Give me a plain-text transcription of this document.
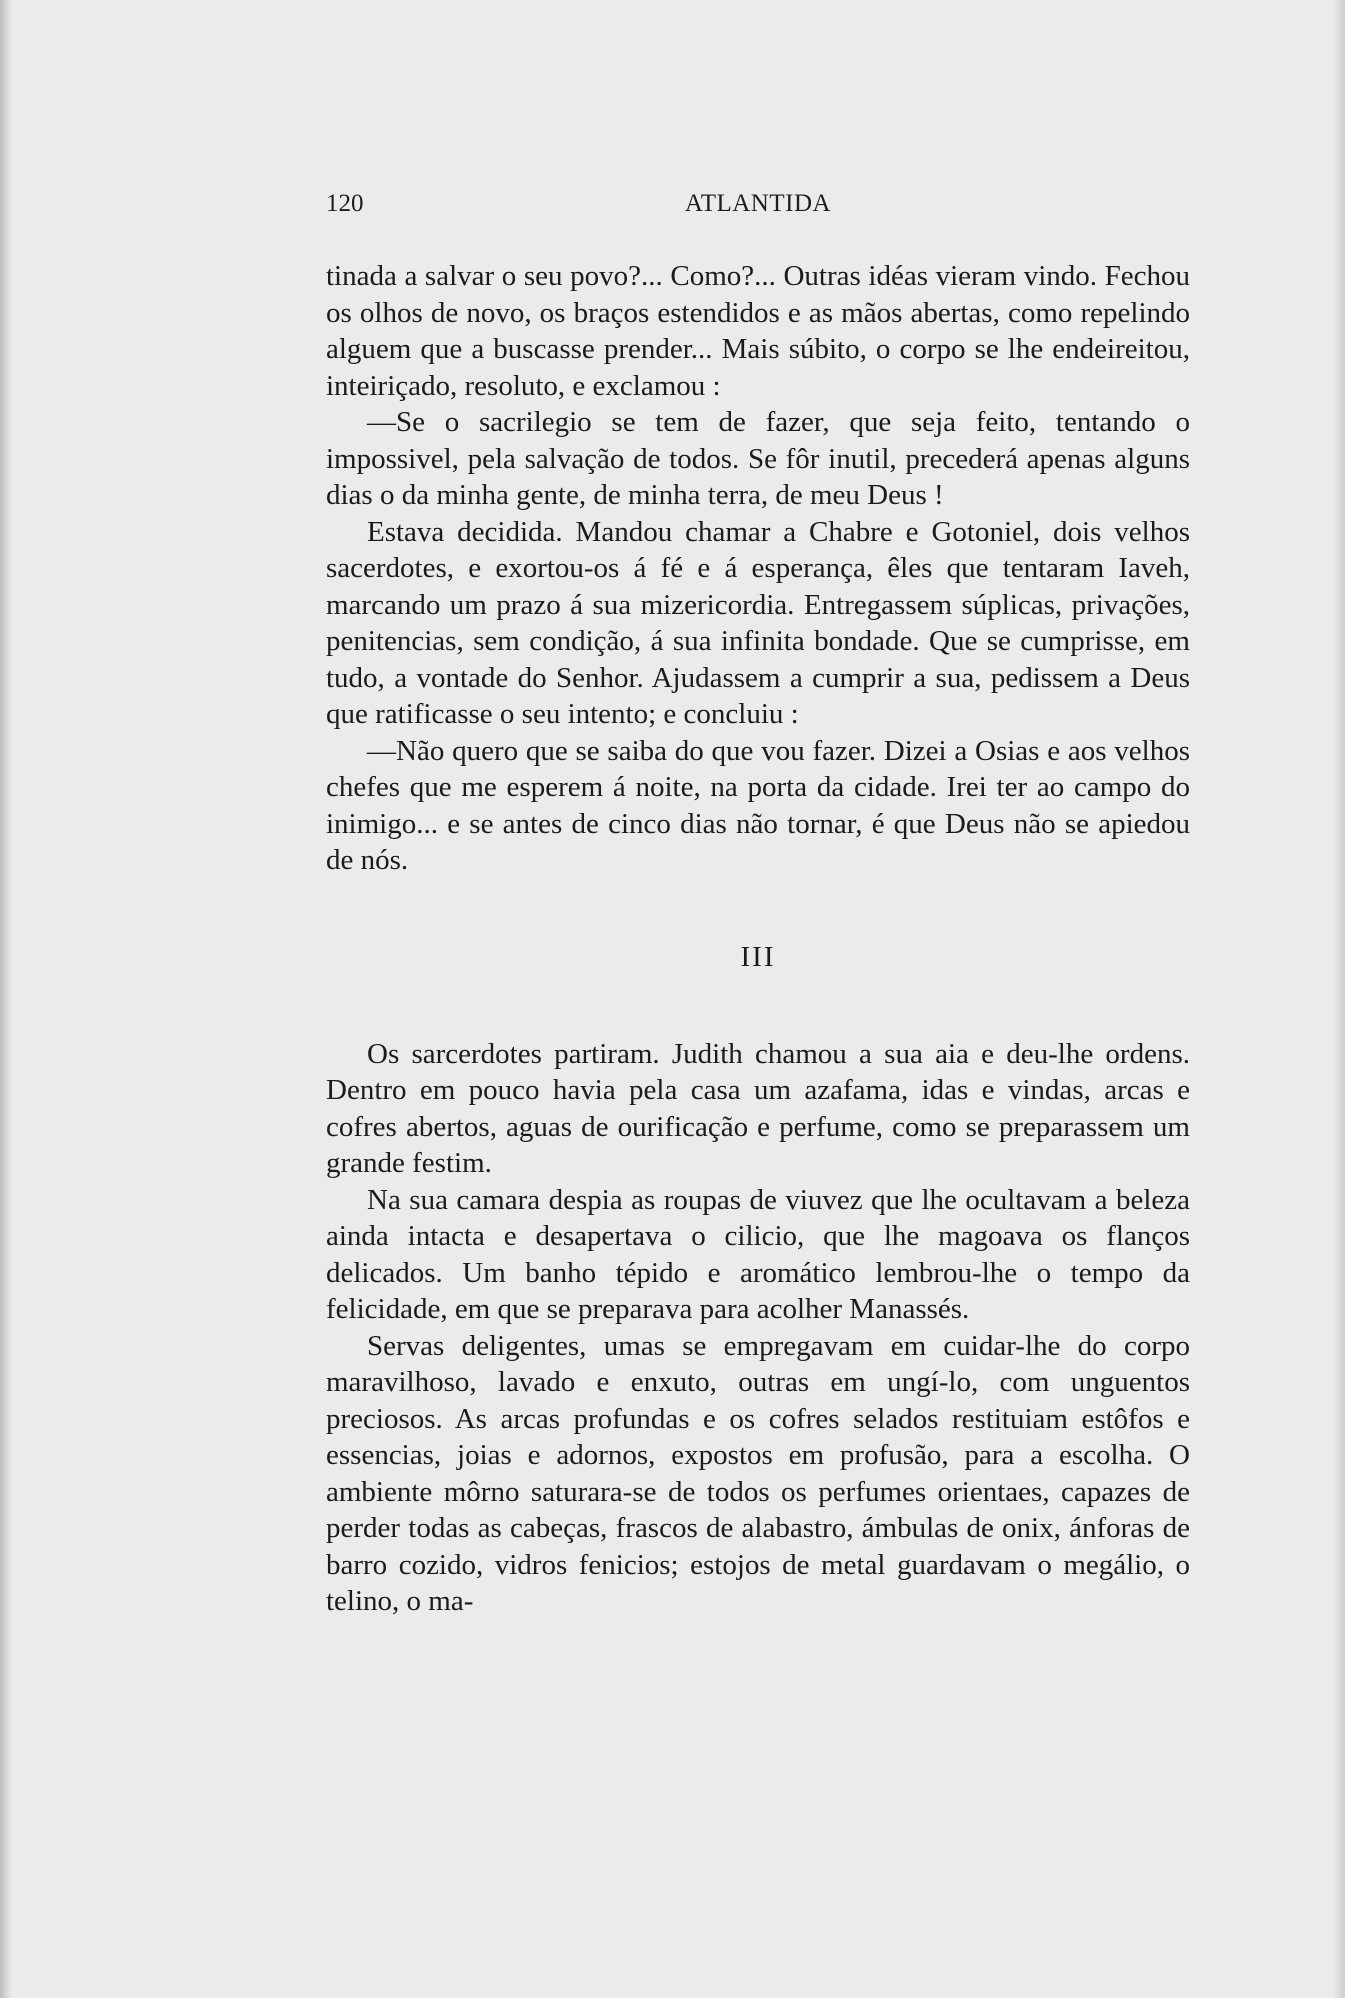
120	ATLANTIDA

tinada a salvar o seu povo?... Como?... Outras idéas vieram vindo. Fechou os olhos de novo, os braços estendidos e as mãos abertas, como repelindo alguem que a buscasse prender... Mais súbito, o corpo se lhe endeireitou, inteiriçado, resoluto, e exclamou :

—Se o sacrilegio se tem de fazer, que seja feito, tentando o impossivel, pela salvação de todos. Se fôr inutil, precederá apenas alguns dias o da minha gente, de minha terra, de meu Deus !

Estava decidida. Mandou chamar a Chabre e Gotoniel, dois velhos sacerdotes, e exortou-os á fé e á esperança, êles que tentaram Iaveh, marcando um prazo á sua mizericordia. Entregassem súplicas, privações, penitencias, sem condição, á sua infinita bondade. Que se cumprisse, em tudo, a vontade do Senhor. Ajudassem a cumprir a sua, pedissem a Deus que ratificasse o seu intento; e concluiu :

—Não quero que se saiba do que vou fazer. Dizei a Osias e aos velhos chefes que me esperem á noite, na porta da cidade. Irei ter ao campo do inimigo... e se antes de cinco dias não tornar, é que Deus não se apiedou de nós.

III

Os sarcerdotes partiram. Judith chamou a sua aia e deu-lhe ordens. Dentro em pouco havia pela casa um azafama, idas e vindas, arcas e cofres abertos, aguas de ourificação e perfume, como se preparassem um grande festim.

Na sua camara despia as roupas de viuvez que lhe ocultavam a beleza ainda intacta e desapertava o cilicio, que lhe magoava os flanços delicados. Um banho tépido e aromático lembrou-lhe o tempo da felicidade, em que se preparava para acolher Manassés.

Servas deligentes, umas se empregavam em cuidar-lhe do corpo maravilhoso, lavado e enxuto, outras em ungí-lo, com unguentos preciosos. As arcas profundas e os cofres selados restituiam estôfos e essencias, joias e adornos, expostos em profusão, para a escolha. O ambiente môrno saturara-se de todos os perfumes orientaes, capazes de perder todas as cabeças, frascos de alabastro, ámbulas de onix, ánforas de barro cozido, vidros fenicios; estojos de metal guardavam o megálio, o telino, o ma-
